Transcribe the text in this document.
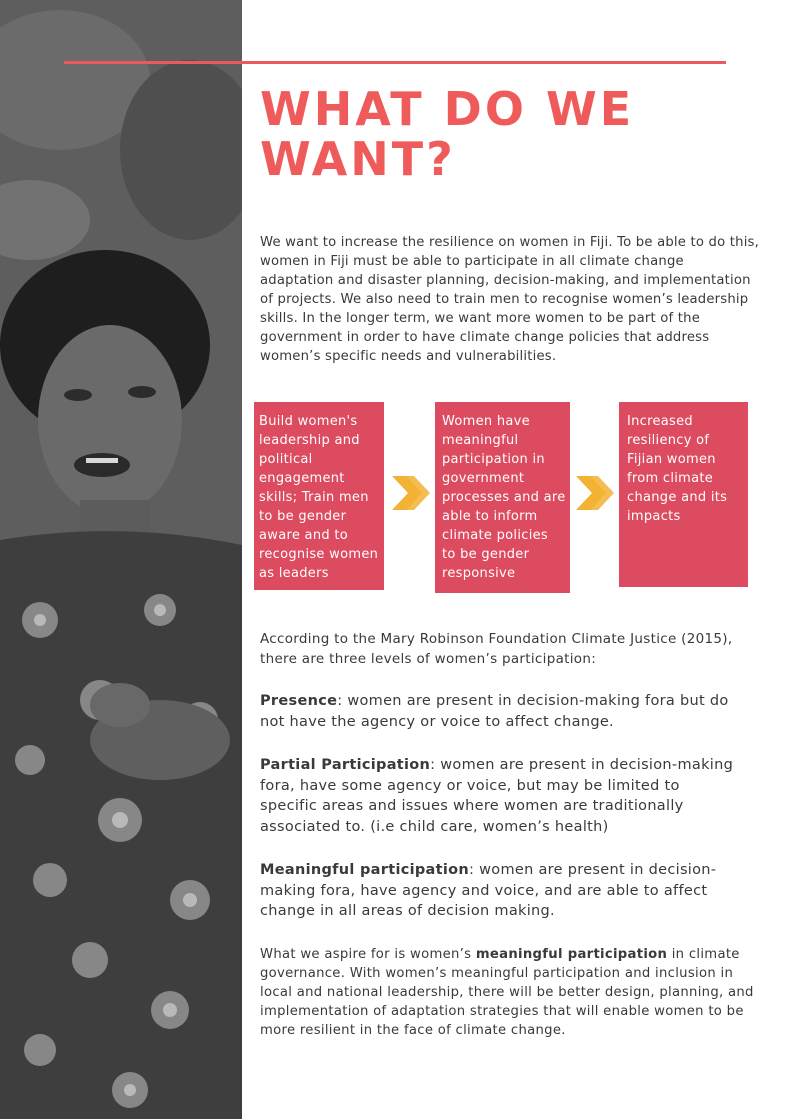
WHAT DO WE WANT?

We want to increase the resilience on women in Fiji. To be able to do this, women in Fiji must be able to participate in all climate change adaptation and disaster planning, decision-making, and implementation of projects. We also need to train men to recognise women’s leadership skills. In the longer term, we want more women to be part of the government in order to have climate change policies that address women’s specific needs and vulnerabilities.

Build women's leadership and political engagement skills; Train men to be gender aware and to recognise women as leaders
Women have meaningful participation in government processes and are able to inform climate policies to be gender responsive
Increased resiliency of Fijian women from climate change and its impacts

According to the Mary Robinson Foundation Climate Justice (2015), there are three levels of women’s participation:

Presence: women are present in decision-making fora but do not have the agency or voice to affect change.

Partial Participation: women are present in decision-making fora, have some agency or voice, but may be limited to specific areas and issues where women are traditionally associated to. (i.e child care, women’s health)

Meaningful participation: women are present in decision-making fora, have agency and voice, and are able to affect change in all areas of decision making.

What we aspire for is women’s meaningful participation in climate governance. With women’s meaningful participation and inclusion in local and national leadership, there will be better design, planning, and implementation of adaptation strategies that will enable women to be more resilient in the face of climate change.
